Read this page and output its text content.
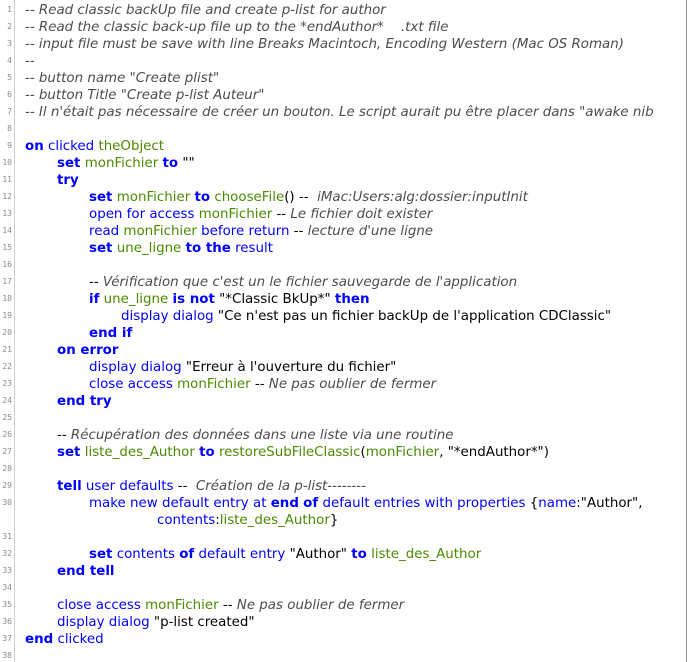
1 -- Read classic backUp file and create p-list for author
2 -- Read the classic back-up file up to the *endAuthor*    .txt file
3 -- input file must be save with line Breaks Macintoch, Encoding Western (Mac OS Roman)
4 --
5 -- button name "Create plist"
6 -- button Title "Create p-list Auteur"
7 -- Il n'était pas nécessaire de créer un bouton. Le script aurait pu être placer dans "awake nib
8
9 on clicked theObject
10	set monFichier to ""
11	try
12	set monFichier to chooseFile() --  iMac:Users:alg:dossier:inputInit
13	open for access monFichier -- Le fichier doit exister
14	read monFichier before return -- lecture d'une ligne
15	set une_ligne to the result
16
17	-- Vérification que c'est un le fichier sauvegarde de l'application
18	if une_ligne is not "*Classic BkUp*" then
19	display dialog "Ce n'est pas un fichier backUp de l'application CDClassic"
20	end if
21	on error
22	display dialog "Erreur à l'ouverture du fichier"
23	close access monFichier -- Ne pas oublier de fermer
24	end try
25
26	-- Récupération des données dans une liste via une routine
27	set liste_des_Author to restoreSubFileClassic(monFichier, "*endAuthor*")
28
29	tell user defaults --  Création de la p-list--------
30	make new default entry at end of default entries with properties {name:"Author",
contents:liste_des_Author}
31
32	set contents of default entry "Author" to liste_des_Author
33	end tell
34
35	close access monFichier -- Ne pas oublier de fermer
36	display dialog "p-list created"
37 end clicked
38
